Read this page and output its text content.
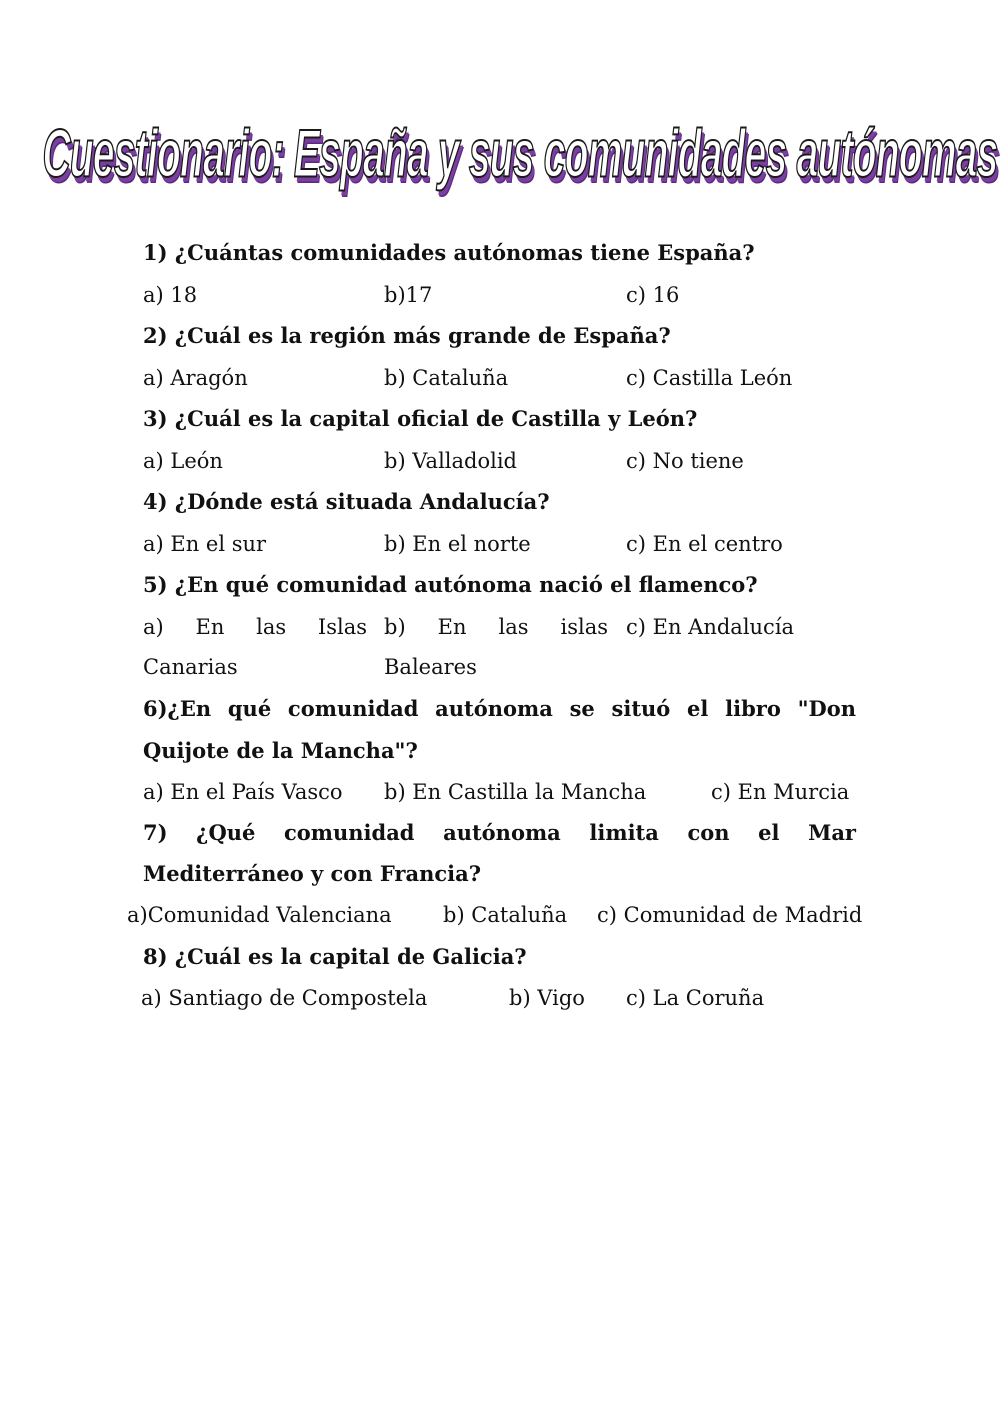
Cuestionario: España y sus comunidades autónomas
1) ¿Cuántas comunidades autónomas tiene España?
a) 18	b)17	c) 16
2) ¿Cuál es la región más grande de España?
a) Aragón	b) Cataluña	c) Castilla León
3) ¿Cuál es la capital oficial de Castilla y León?
a) León	b) Valladolid	c) No tiene
4) ¿Dónde está situada Andalucía?
a) En el sur	b) En el norte	c) En el centro
5) ¿En qué comunidad autónoma nació el flamenco?
a) En las Islas
Canarias
b) En las islas
Baleares
c) En Andalucía
6)¿En qué comunidad autónoma se situó el libro "Don
Quijote de la Mancha"?
a) En el País Vasco b) En Castilla la Mancha	c) En Murcia
7) ¿Qué comunidad autónoma limita con el Mar
Mediterráneo y con Francia?
a)Comunidad Valenciana b) Cataluña c) Comunidad de Madrid
8) ¿Cuál es la capital de Galicia?
a) Santiago de Compostela	b) Vigo c) La Coruña
